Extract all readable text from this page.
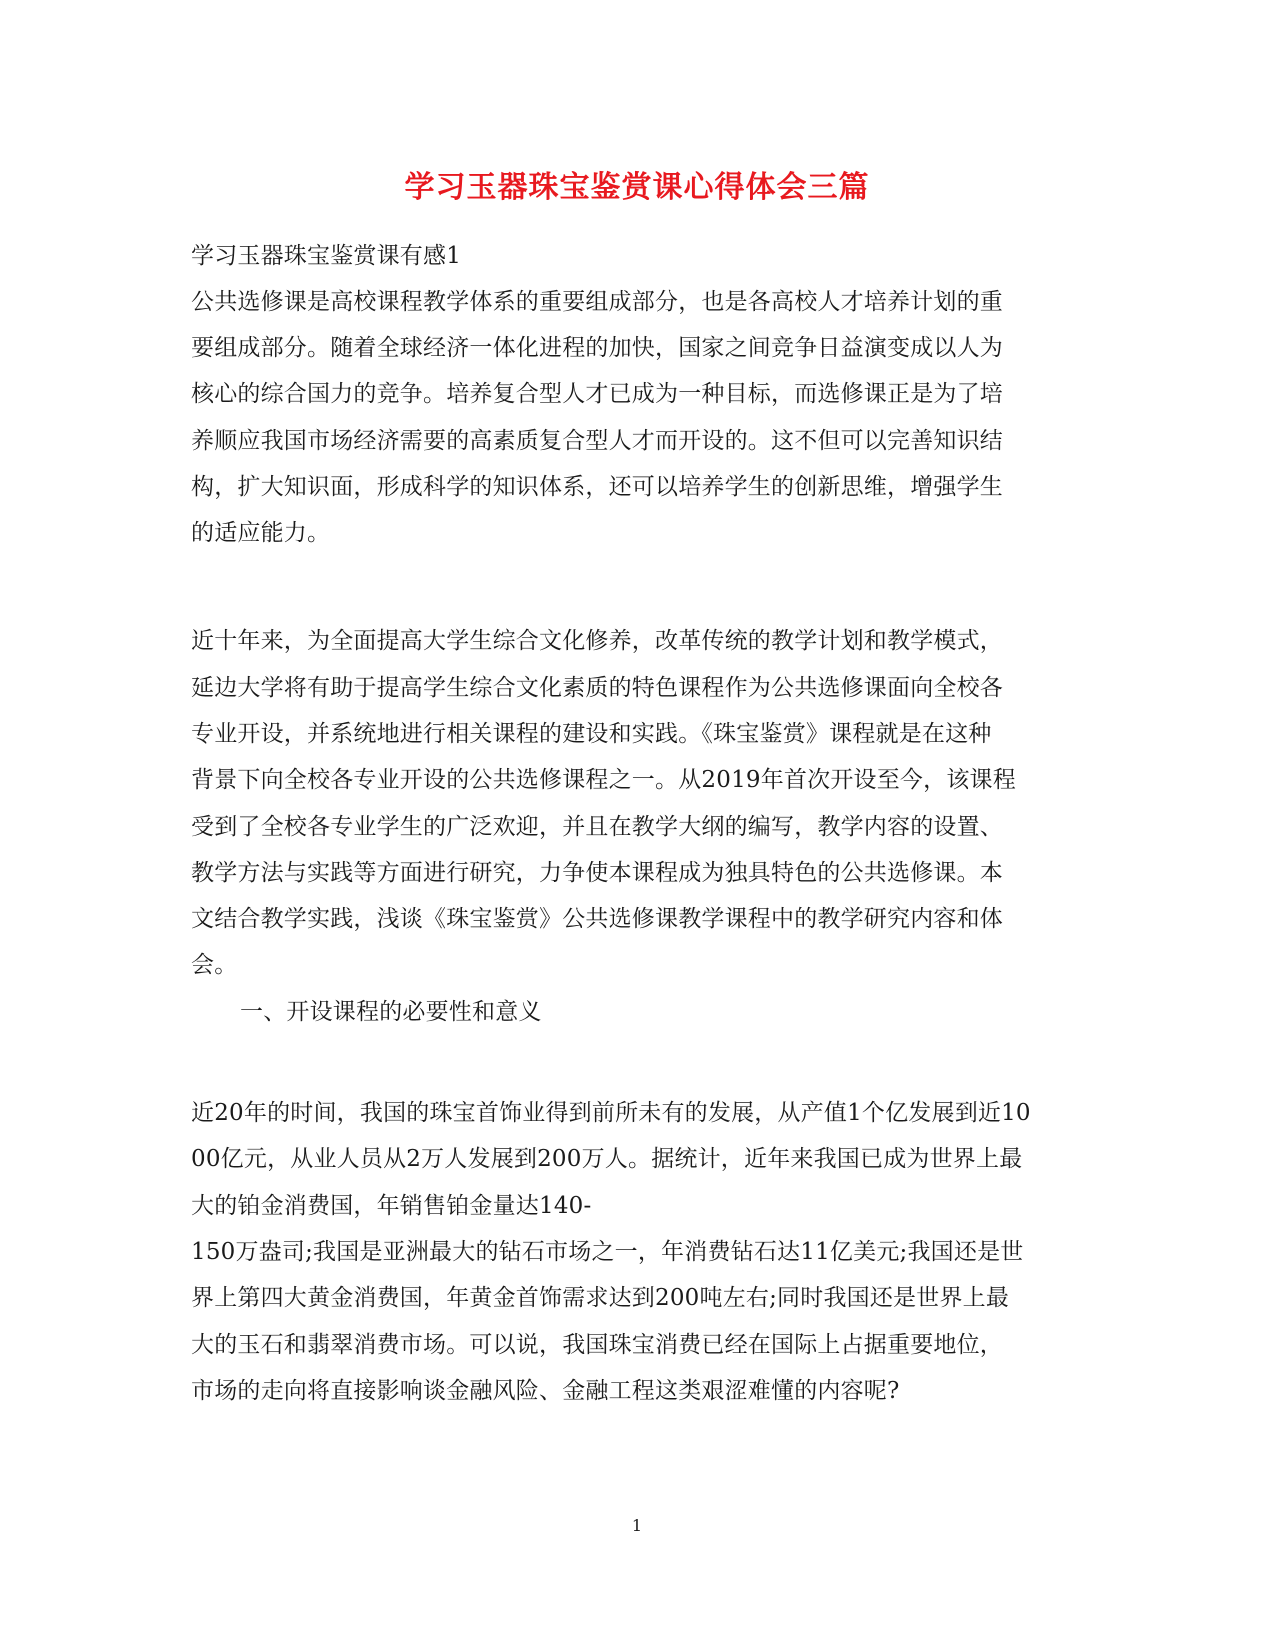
学习玉器珠宝鉴赏课心得体会三篇
学习玉器珠宝鉴赏课有感1
公共选修课是高校课程教学体系的重要组成部分，也是各高校人才培养计划的重
要组成部分。随着全球经济一体化进程的加快，国家之间竞争日益演变成以人为
核心的综合国力的竞争。培养复合型人才已成为一种目标，而选修课正是为了培
养顺应我国市场经济需要的高素质复合型人才而开设的。这不但可以完善知识结
构，扩大知识面，形成科学的知识体系，还可以培养学生的创新思维，增强学生
的适应能力。
近十年来，为全面提高大学生综合文化修养，改革传统的教学计划和教学模式，
延边大学将有助于提高学生综合文化素质的特色课程作为公共选修课面向全校各
专业开设，并系统地进行相关课程的建设和实践。《珠宝鉴赏》课程就是在这种
背景下向全校各专业开设的公共选修课程之一。从2019年首次开设至今，该课程
受到了全校各专业学生的广泛欢迎，并且在教学大纲的编写，教学内容的设置、
教学方法与实践等方面进行研究，力争使本课程成为独具特色的公共选修课。本
文结合教学实践，浅谈《珠宝鉴赏》公共选修课教学课程中的教学研究内容和体
会。
一、开设课程的必要性和意义
近20年的时间，我国的珠宝首饰业得到前所未有的发展，从产值1个亿发展到近10
00亿元，从业人员从2万人发展到200万人。据统计，近年来我国已成为世界上最
大的铂金消费国，年销售铂金量达140-
150万盎司;我国是亚洲最大的钻石市场之一，年消费钻石达11亿美元;我国还是世
界上第四大黄金消费国，年黄金首饰需求达到200吨左右;同时我国还是世界上最
大的玉石和翡翠消费市场。可以说，我国珠宝消费已经在国际上占据重要地位，
市场的走向将直接影响谈金融风险、金融工程这类艰涩难懂的内容呢?
1
